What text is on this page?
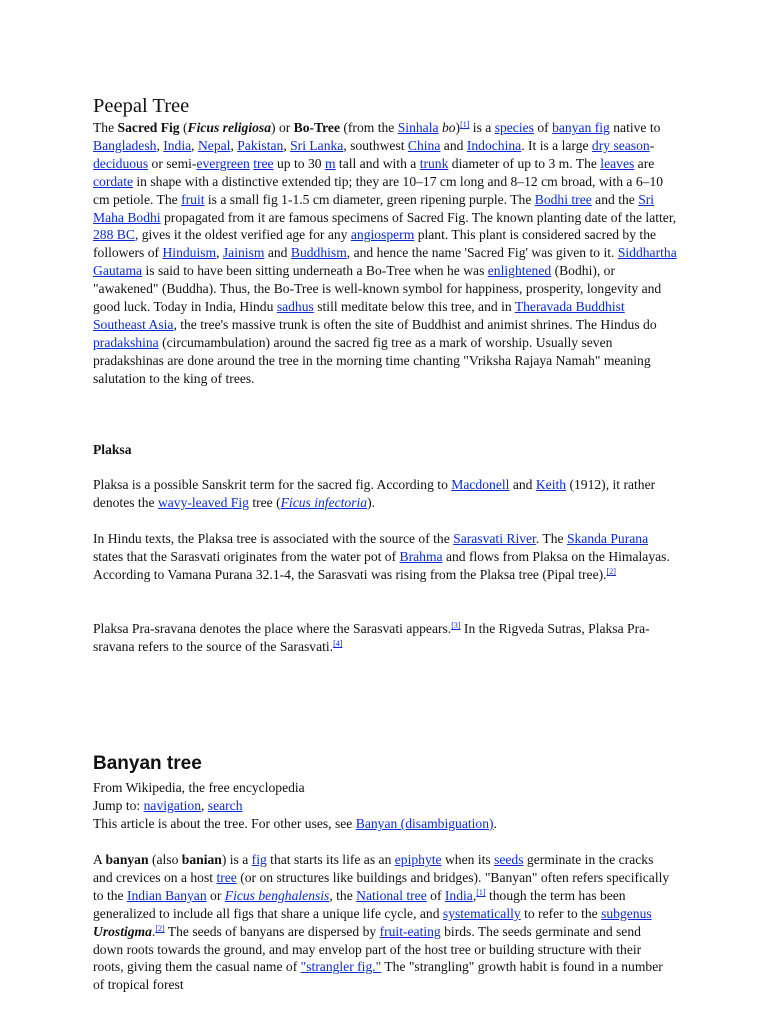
Peepal Tree

The Sacred Fig (Ficus religiosa) or Bo-Tree (from the Sinhala bo)[1] is a species of banyan fig native to Bangladesh, India, Nepal, Pakistan, Sri Lanka, southwest China and Indochina. It is a large dry season-deciduous or semi-evergreen tree up to 30 m tall and with a trunk diameter of up to 3 m. The leaves are cordate in shape with a distinctive extended tip; they are 10–17 cm long and 8–12 cm broad, with a 6–10 cm petiole. The fruit is a small fig 1-1.5 cm diameter, green ripening purple. The Bodhi tree and the Sri Maha Bodhi propagated from it are famous specimens of Sacred Fig. The known planting date of the latter, 288 BC, gives it the oldest verified age for any angiosperm plant. This plant is considered sacred by the followers of Hinduism, Jainism and Buddhism, and hence the name 'Sacred Fig' was given to it. Siddhartha Gautama is said to have been sitting underneath a Bo-Tree when he was enlightened (Bodhi), or "awakened" (Buddha). Thus, the Bo-Tree is well-known symbol for happiness, prosperity, longevity and good luck. Today in India, Hindu sadhus still meditate below this tree, and in Theravada Buddhist Southeast Asia, the tree's massive trunk is often the site of Buddhist and animist shrines. The Hindus do pradakshina (circumambulation) around the sacred fig tree as a mark of worship. Usually seven pradakshinas are done around the tree in the morning time chanting "Vriksha Rajaya Namah" meaning salutation to the king of trees.

Plaksa

Plaksa is a possible Sanskrit term for the sacred fig. According to Macdonell and Keith (1912), it rather denotes the wavy-leaved Fig tree (Ficus infectoria).

In Hindu texts, the Plaksa tree is associated with the source of the Sarasvati River. The Skanda Purana states that the Sarasvati originates from the water pot of Brahma and flows from Plaksa on the Himalayas. According to Vamana Purana 32.1-4, the Sarasvati was rising from the Plaksa tree (Pipal tree).[2]

Plaksa Pra-sravana denotes the place where the Sarasvati appears.[3] In the Rigveda Sutras, Plaksa Pra-sravana refers to the source of the Sarasvati.[4]

Banyan tree

From Wikipedia, the free encyclopedia

Jump to: navigation, search

This article is about the tree. For other uses, see Banyan (disambiguation).

A banyan (also banian) is a fig that starts its life as an epiphyte when its seeds germinate in the cracks and crevices on a host tree (or on structures like buildings and bridges). "Banyan" often refers specifically to the Indian Banyan or Ficus benghalensis, the National tree of India,[1] though the term has been generalized to include all figs that share a unique life cycle, and systematically to refer to the subgenus Urostigma.[2] The seeds of banyans are dispersed by fruit-eating birds. The seeds germinate and send down roots towards the ground, and may envelop part of the host tree or building structure with their roots, giving them the casual name of "strangler fig." The "strangling" growth habit is found in a number of tropical forest
